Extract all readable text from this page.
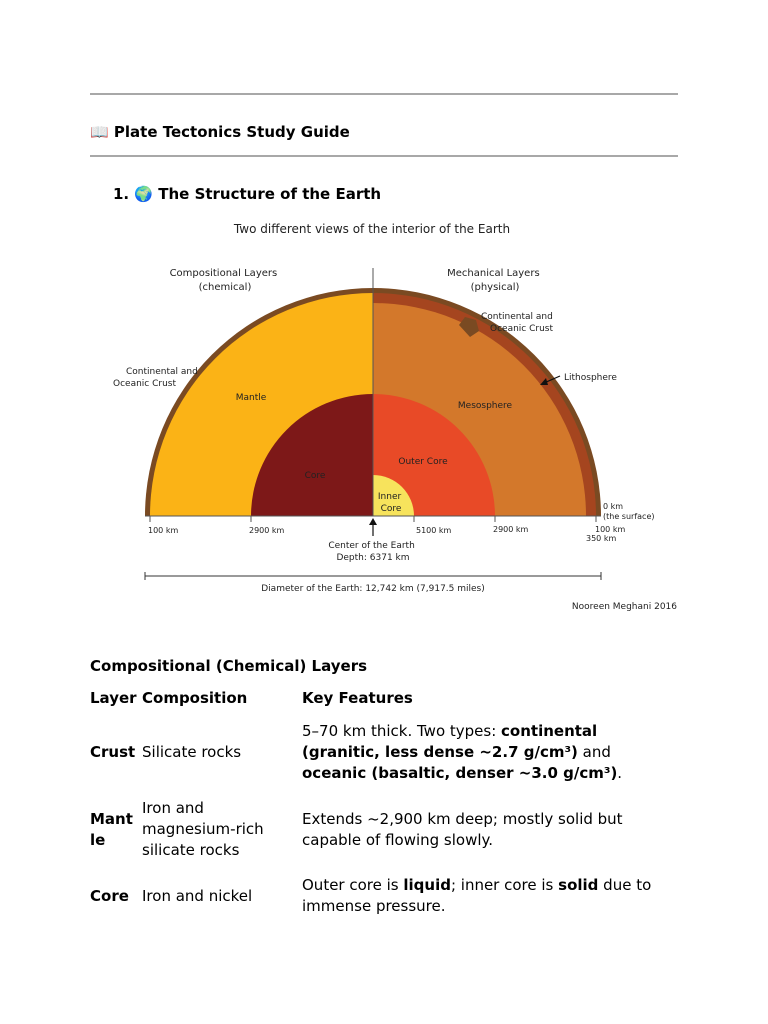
📖 Plate Tectonics Study Guide
1. 🌍 The Structure of the Earth
Two different views of the interior of the Earth
Compositional Layers (chemical)
Mechanical Layers (physical)
Continental and Oceanic Crust
Continental and Oceanic Crust
Mantle
Lithosphere
Mesosphere
Core
Outer Core
Inner Core	0 km (the surface)
100 km	2900 km	5100 km	2900 km	100 km
350 km
Center of the Earth Depth: 6371 km
Diameter of the Earth: 12,742 km (7,917.5 miles)
Nooreen Meghani 2016
Compositional (Chemical) Layers
Layer	Composition	Key Features
Crust	Silicate rocks	5–70 km thick. Two types: continental (granitic, less dense ~2.7 g/cm³) and oceanic (basaltic, denser ~3.0 g/cm³).
Mantle	Iron and magnesium-rich silicate rocks	Extends ~2,900 km deep; mostly solid but capable of flowing slowly.
Core	Iron and nickel	Outer core is liquid; inner core is solid due to immense pressure.
